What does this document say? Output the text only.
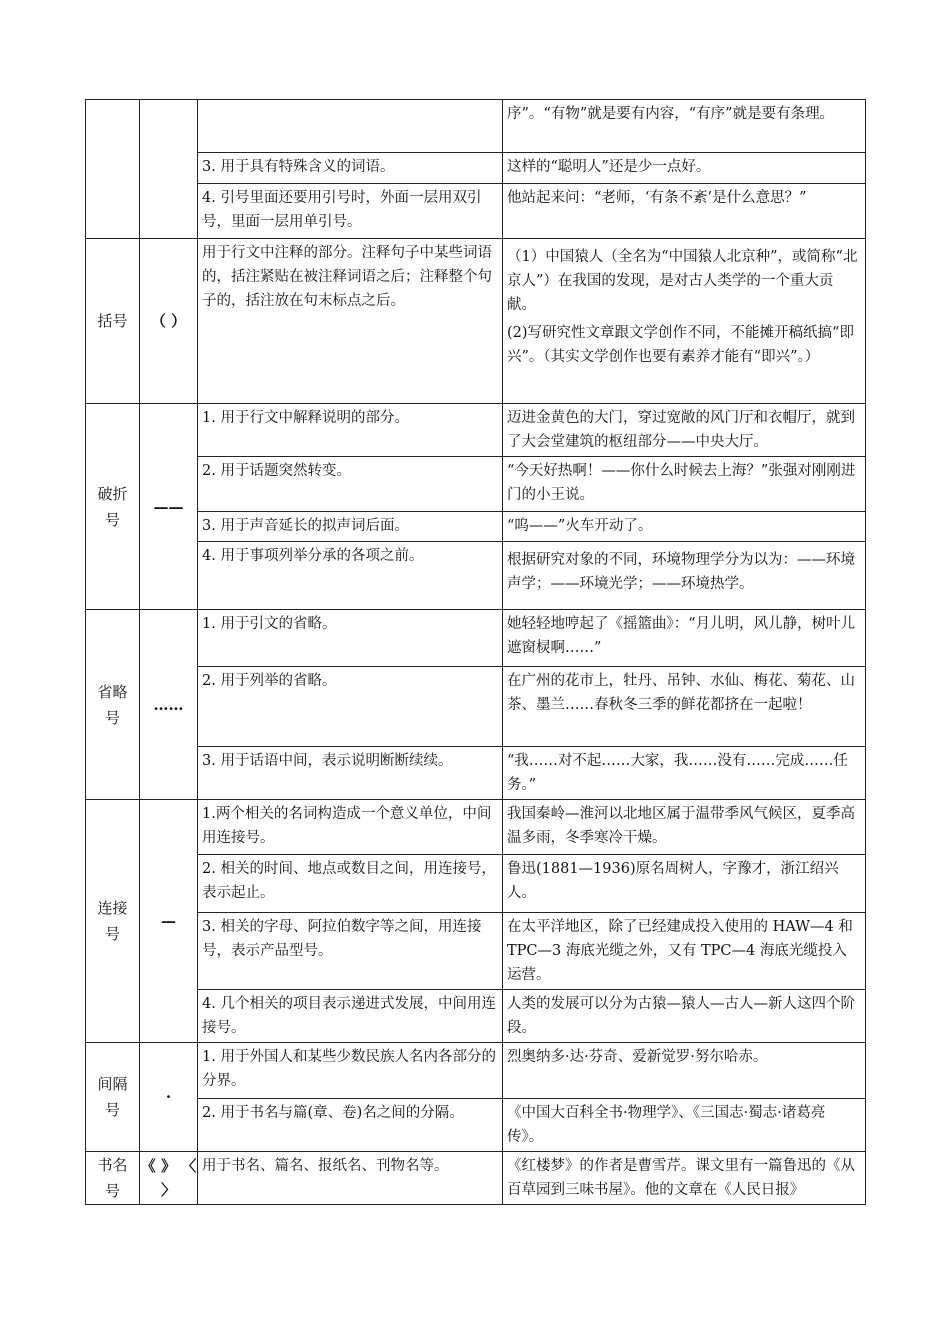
			序”。“有物”就是要有内容，“有序”就是要有条理。

		3. 用于具有特殊含义的词语。	这样的“聪明人”还是少一点好。

		4. 引号里面还要用引号时，外面一层用双引号，里面一层用单引号。	他站起来问：“老师，‘有条不紊’是什么意思？”

括号	（ ）	用于行文中注释的部分。注释句子中某些词语的，括注紧贴在被注释词语之后；注释整个句子的，括注放在句末标点之后。	（1）中国猿人（全名为“中国猿人北京种”，或简称“北京人”）在我国的发现，是对古人类学的一个重大贡献。
(2)写研究性文章跟文学创作不同，不能摊开稿纸搞“即兴”。（其实文学创作也要有素养才能有“即兴”。）

破折号	——	1. 用于行文中解释说明的部分。	迈进金黄色的大门，穿过宽敞的风门厅和衣帽厅，就到了大会堂建筑的枢纽部分——中央大厅。

		2. 用于话题突然转变。	“今天好热啊！——你什么时候去上海？”张强对刚刚进门的小王说。

		3. 用于声音延长的拟声词后面。	“呜——”火车开动了。

		4. 用于事项列举分承的各项之前。	根据研究对象的不同，环境物理学分为以为：——环境声学；——环境光学；——环境热学。

省略号	……	1. 用于引文的省略。	她轻轻地哼起了《摇篮曲》：“月儿明，风儿静，树叶儿遮窗棂啊……”

		2. 用于列举的省略。	在广州的花市上，牡丹、吊钟、水仙、梅花、菊花、山茶、墨兰……春秋冬三季的鲜花都挤在一起啦！

		3. 用于话语中间，表示说明断断续续。	“我……对不起……大家，我……没有……完成……任务。”

连接号	—	1.两个相关的名词构造成一个意义单位，中间用连接号。	我国秦岭—淮河以北地区属于温带季风气候区，夏季高温多雨，冬季寒冷干燥。

		2. 相关的时间、地点或数目之间，用连接号，表示起止。	鲁迅(1881—1936)原名周树人，字豫才，浙江绍兴人。

		3. 相关的字母、阿拉伯数字等之间，用连接号，表示产品型号。	在太平洋地区，除了已经建成投入使用的 HAW—4 和 TPC—3 海底光缆之外，又有 TPC—4 海底光缆投入运营。

		4. 几个相关的项目表示递进式发展，中间用连接号。	人类的发展可以分为古猿—猿人—古人—新人这四个阶段。

间隔号	·	1. 用于外国人和某些少数民族人名内各部分的分界。	烈奥纳多·达·芬奇、爱新觉罗·努尔哈赤。

		2. 用于书名与篇(章、卷)名之间的分隔。	《中国大百科全书·物理学》、《三国志·蜀志·诸葛亮传》。

书名号	《 》 〈 〉	用于书名、篇名、报纸名、刊物名等。	《红楼梦》的作者是曹雪芹。课文里有一篇鲁迅的《从百草园到三味书屋》。他的文章在《人民日报》
